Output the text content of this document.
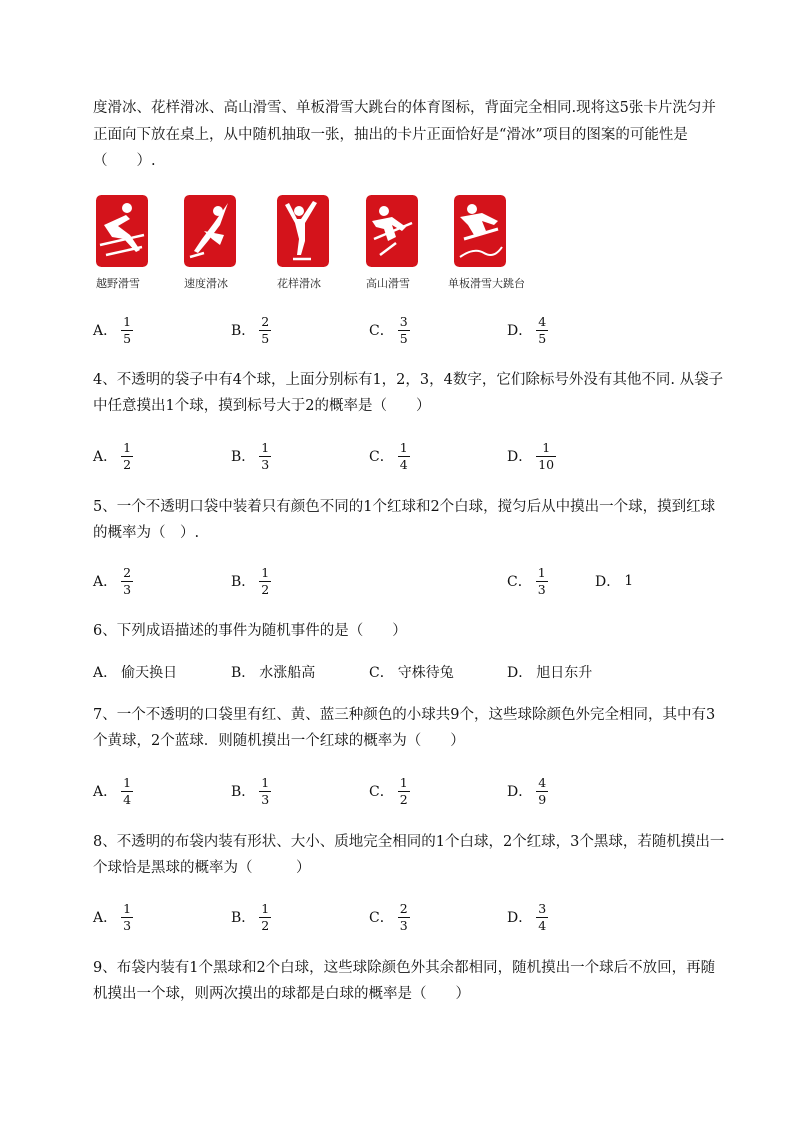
度滑冰、花样滑冰、高山滑雪、单板滑雪大跳台的体育图标，背面完全相同.现将这5张卡片洗匀并
正面向下放在桌上，从中随机抽取一张，抽出的卡片正面恰好是“滑冰”项目的图案的可能性是
（　　）.
越野滑雪	速度滑冰	花样滑冰	高山滑雪	单板滑雪大跳台
A． $\frac{1}{5}$	B． $\frac{2}{5}$	C． $\frac{3}{5}$	D． $\frac{4}{5}$
4、不透明的袋子中有4个球，上面分别标有1，2，3，4数字，它们除标号外没有其他不同. 从袋子
中任意摸出1个球，摸到标号大于2的概率是（　　）
A． $\frac{1}{2}$	B． $\frac{1}{3}$	C． $\frac{1}{4}$	D． $\frac{1}{10}$
5、一个不透明口袋中装着只有颜色不同的1个红球和2个白球，搅匀后从中摸出一个球，摸到红球
的概率为（　）.
A． $\frac{2}{3}$	B． $\frac{1}{2}$	C． $\frac{1}{3}$	D． 1
6、下列成语描述的事件为随机事件的是（　　）
A． 偷天换日	B． 水涨船高	C． 守株待兔	D． 旭日东升
7、一个不透明的口袋里有红、黄、蓝三种颜色的小球共9个，这些球除颜色外完全相同，其中有3
个黄球，2个蓝球．则随机摸出一个红球的概率为（　　）
A． $\frac{1}{4}$	B． $\frac{1}{3}$	C． $\frac{1}{2}$	D． $\frac{4}{9}$
8、不透明的布袋内装有形状、大小、质地完全相同的1个白球，2个红球，3个黑球，若随机摸出一
个球恰是黑球的概率为（　　　）
A． $\frac{1}{3}$	B． $\frac{1}{2}$	C． $\frac{2}{3}$	D． $\frac{3}{4}$
9、布袋内装有1个黑球和2个白球，这些球除颜色外其余都相同，随机摸出一个球后不放回，再随
机摸出一个球，则两次摸出的球都是白球的概率是（　　）
